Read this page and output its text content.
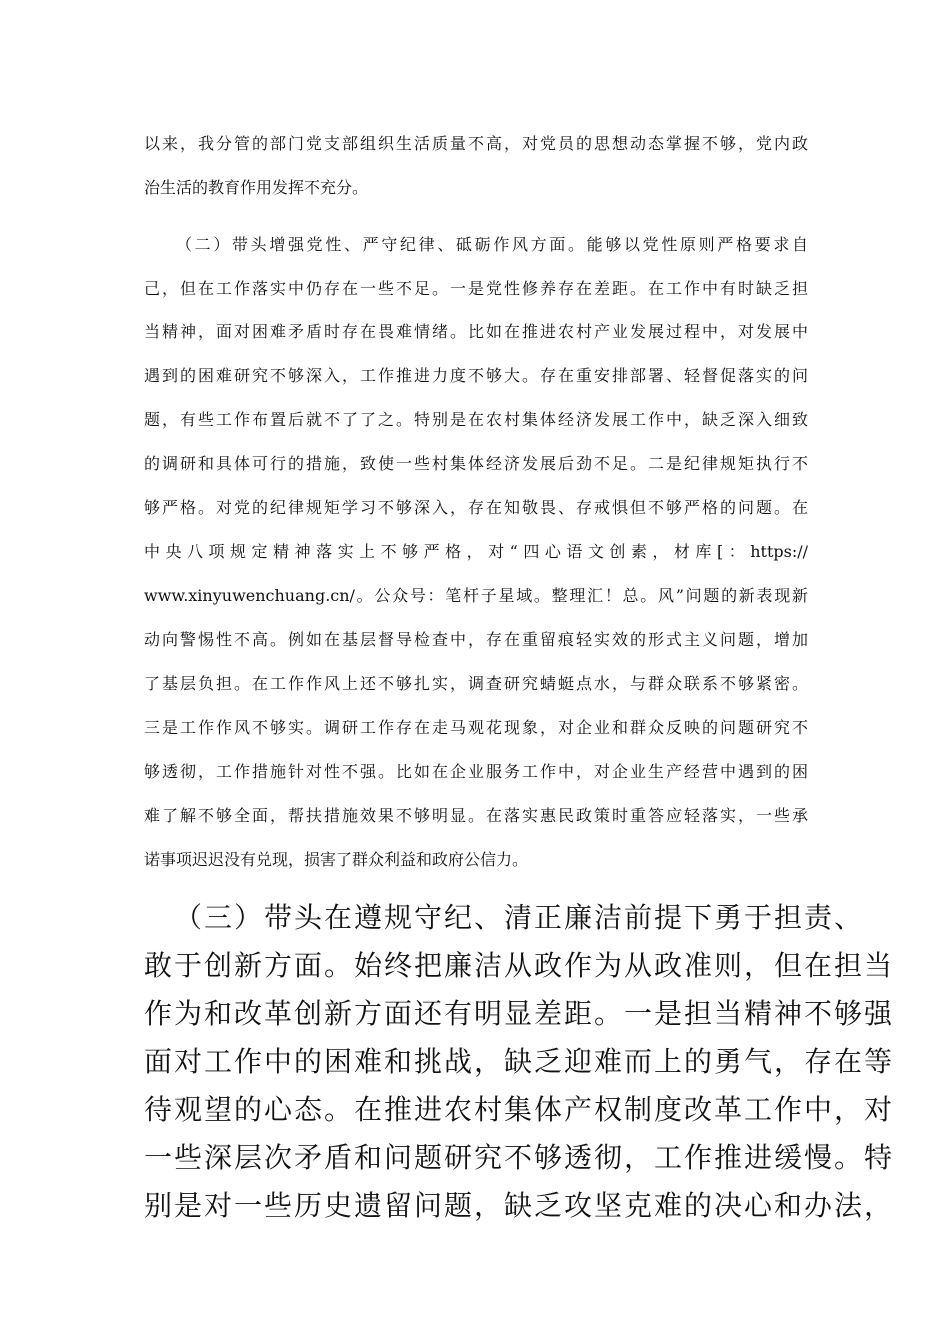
以来，我分管的部门党支部组织生活质量不高，对党员的思想动态掌握不够，党内政
治生活的教育作用发挥不充分。
（二）带头增强党性、严守纪律、砥砺作风方面。能够以党性原则严格要求自
己，但在工作落实中仍存在一些不足。一是党性修养存在差距。在工作中有时缺乏担
当精神，面对困难矛盾时存在畏难情绪。比如在推进农村产业发展过程中，对发展中
遇到的困难研究不够深入，工作推进力度不够大。存在重安排部署、轻督促落实的问
题，有些工作布置后就不了了之。特别是在农村集体经济发展工作中，缺乏深入细致
的调研和具体可行的措施，致使一些村集体经济发展后劲不足。二是纪律规矩执行不
够严格。对党的纪律规矩学习不够深入，存在知敬畏、存戒惧但不够严格的问题。在
中央八项规定精神落实上不够严格，对“四心语文创素，材库[：https://
www.xinyuwenchuang.cn/。公众号：笔杆子星域。整理汇！总。风”问题的新表现新
动向警惕性不高。例如在基层督导检查中，存在重留痕轻实效的形式主义问题，增加
了基层负担。在工作作风上还不够扎实，调查研究蜻蜓点水，与群众联系不够紧密。
三是工作作风不够实。调研工作存在走马观花现象，对企业和群众反映的问题研究不
够透彻，工作措施针对性不强。比如在企业服务工作中，对企业生产经营中遇到的困
难了解不够全面，帮扶措施效果不够明显。在落实惠民政策时重答应轻落实，一些承
诺事项迟迟没有兑现，损害了群众利益和政府公信力。
（三）带头在遵规守纪、清正廉洁前提下勇于担责、
敢于创新方面。始终把廉洁从政作为从政准则，但在担当
作为和改革创新方面还有明显差距。一是担当精神不够强
面对工作中的困难和挑战，缺乏迎难而上的勇气，存在等
待观望的心态。在推进农村集体产权制度改革工作中，对
一些深层次矛盾和问题研究不够透彻，工作推进缓慢。特
别是对一些历史遗留问题，缺乏攻坚克难的决心和办法，
